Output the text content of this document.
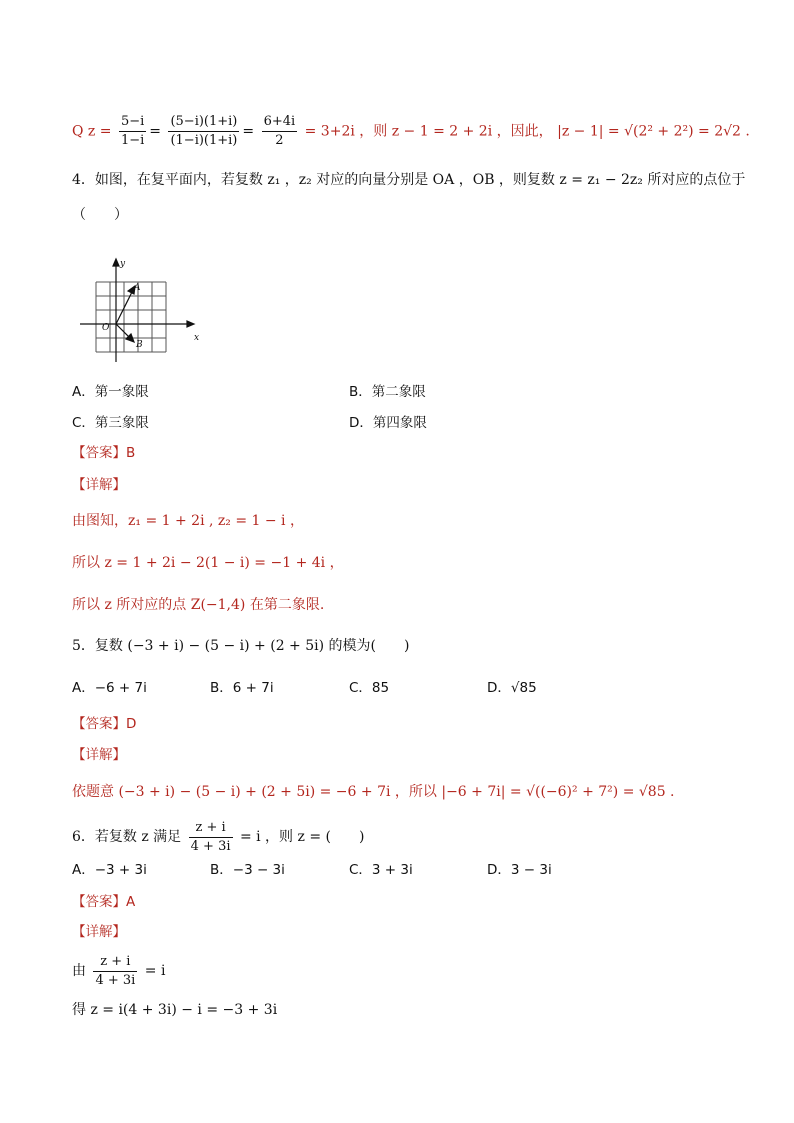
Q $z = \frac{5-i}{1-i} = \frac{(5-i)(1+i)}{(1-i)(1+i)} = \frac{6+4i}{2} = 3+2i$ ，则 z − 1 = 2 + 2i ，因此， |z − 1| = √(2² + 2²) = 2√2 .
4．如图，在复平面内，若复数 z₁ ，z₂ 对应的向量分别是 OA ，OB ，则复数 z = z₁ − 2z₂ 所对应的点位于
（　　）
y
x
O
A
B
A．第一象限	B．第二象限
C．第三象限	D．第四象限
【答案】B
【详解】
由图知，z₁ = 1 + 2i , z₂ = 1 − i ，
所以 z = 1 + 2i − 2(1 − i) = −1 + 4i ，
所以 z 所对应的点 Z(−1,4) 在第二象限.
5．复数 (−3 + i) − (5 − i) + (2 + 5i) 的模为(　　)
A．−6 + 7i	B．6 + 7i	C．85	D．√85
【答案】D
【详解】
依题意 (−3 + i) − (5 − i) + (2 + 5i) = −6 + 7i ，所以 |−6 + 7i| = √((−6)² + 7²) = √85 .
6．若复数 z 满足 $\frac{z + i}{4 + 3i} = i$ ，则 z = (　　)
A．−3 + 3i	B．−3 − 3i	C．3 + 3i	D．3 − 3i
【答案】A
【详解】
由 $\frac{z + i}{4 + 3i} = i$
得 z = i(4 + 3i) − i = −3 + 3i
